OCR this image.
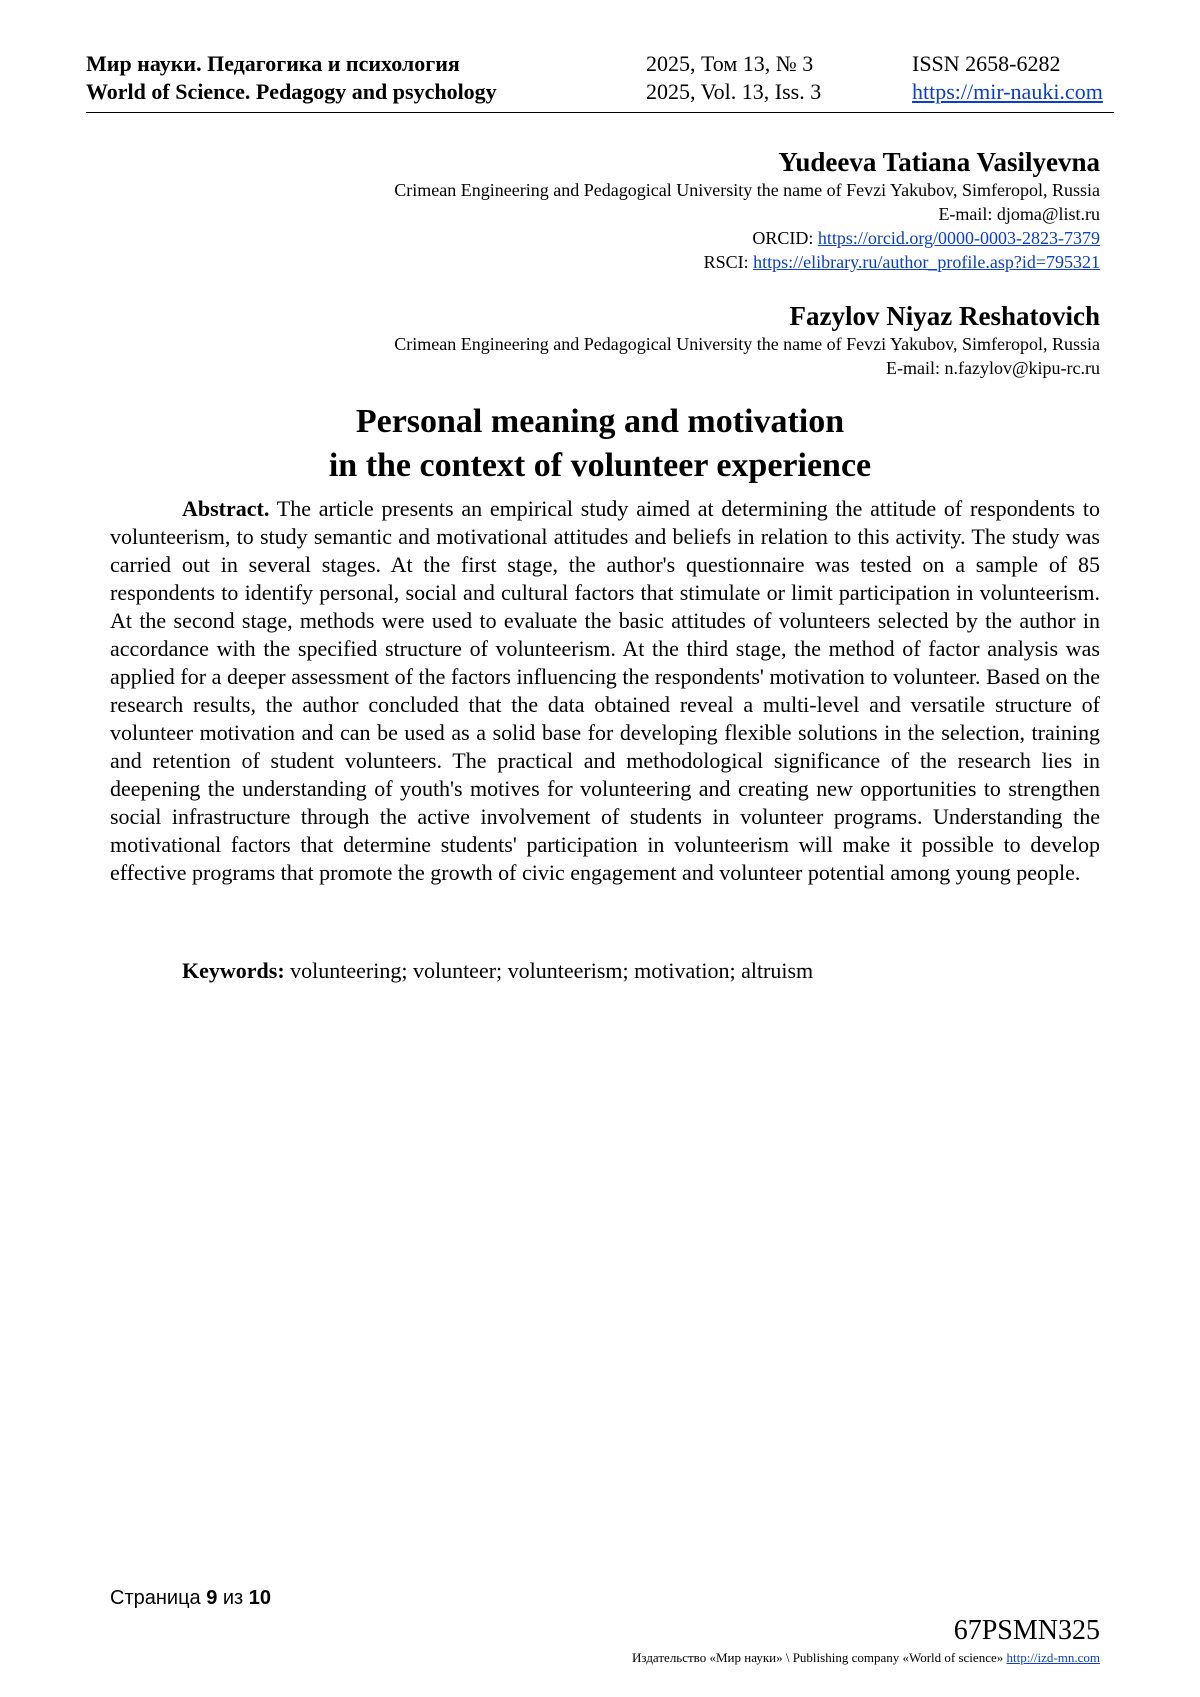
Мир науки. Педагогика и психология
World of Science. Pedagogy and psychology
2025, Том 13, № 3
2025, Vol. 13, Iss. 3
ISSN 2658-6282
https://mir-nauki.com
Yudeeva Tatiana Vasilyevna
Crimean Engineering and Pedagogical University the name of Fevzi Yakubov, Simferopol, Russia
E-mail: djoma@list.ru
ORCID: https://orcid.org/0000-0003-2823-7379
RSCI: https://elibrary.ru/author_profile.asp?id=795321
Fazylov Niyaz Reshatovich
Crimean Engineering and Pedagogical University the name of Fevzi Yakubov, Simferopol, Russia
E-mail: n.fazylov@kipu-rc.ru
Personal meaning and motivation
in the context of volunteer experience

Abstract. The article presents an empirical study aimed at determining the attitude of respondents to volunteerism, to study semantic and motivational attitudes and beliefs in relation to this activity. The study was carried out in several stages. At the first stage, the author's questionnaire was tested on a sample of 85 respondents to identify personal, social and cultural factors that stimulate or limit participation in volunteerism. At the second stage, methods were used to evaluate the basic attitudes of volunteers selected by the author in accordance with the specified structure of volunteerism. At the third stage, the method of factor analysis was applied for a deeper assessment of the factors influencing the respondents' motivation to volunteer. Based on the research results, the author concluded that the data obtained reveal a multi-level and versatile structure of volunteer motivation and can be used as a solid base for developing flexible solutions in the selection, training and retention of student volunteers. The practical and methodological significance of the research lies in deepening the understanding of youth's motives for volunteering and creating new opportunities to strengthen social infrastructure through the active involvement of students in volunteer programs. Understanding the motivational factors that determine students' participation in volunteerism will make it possible to develop effective programs that promote the growth of civic engagement and volunteer potential among young people.

Keywords: volunteering; volunteer; volunteerism; motivation; altruism

Страница 9 из 10
67PSMN325
Издательство «Мир науки» \ Publishing company «World of science» http://izd-mn.com
